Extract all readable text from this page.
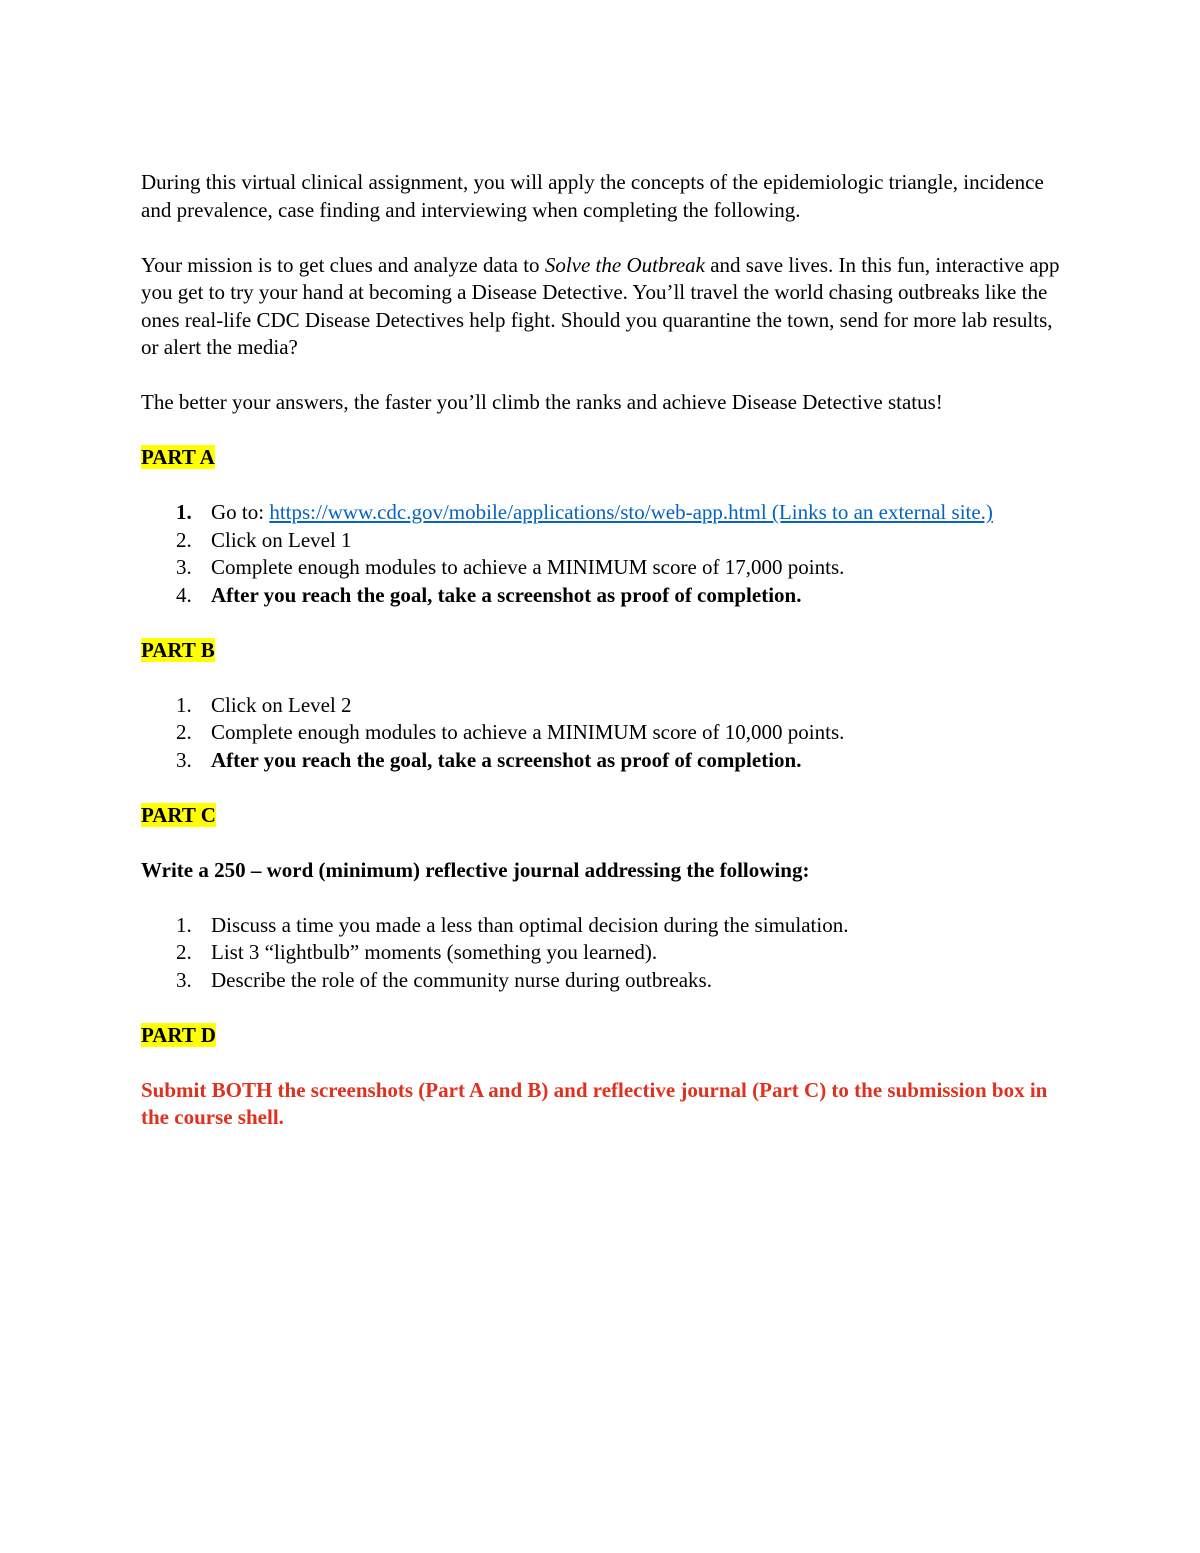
During this virtual clinical assignment, you will apply the concepts of the epidemiologic triangle, incidence and prevalence, case finding and interviewing when completing the following.

Your mission is to get clues and analyze data to Solve the Outbreak and save lives. In this fun, interactive app you get to try your hand at becoming a Disease Detective. You’ll travel the world chasing outbreaks like the ones real-life CDC Disease Detectives help fight. Should you quarantine the town, send for more lab results, or alert the media?

The better your answers, the faster you’ll climb the ranks and achieve Disease Detective status!

PART A

1. Go to: https://www.cdc.gov/mobile/applications/sto/web-app.html (Links to an external site.)
2. Click on Level 1
3. Complete enough modules to achieve a MINIMUM score of 17,000 points.
4. After you reach the goal, take a screenshot as proof of completion.

PART B

1. Click on Level 2
2. Complete enough modules to achieve a MINIMUM score of 10,000 points.
3. After you reach the goal, take a screenshot as proof of completion.

PART C

Write a 250 – word (minimum) reflective journal addressing the following:

1. Discuss a time you made a less than optimal decision during the simulation.
2. List 3 “lightbulb” moments (something you learned).
3. Describe the role of the community nurse during outbreaks.

PART D

Submit BOTH the screenshots (Part A and B) and reflective journal (Part C) to the submission box in the course shell.
